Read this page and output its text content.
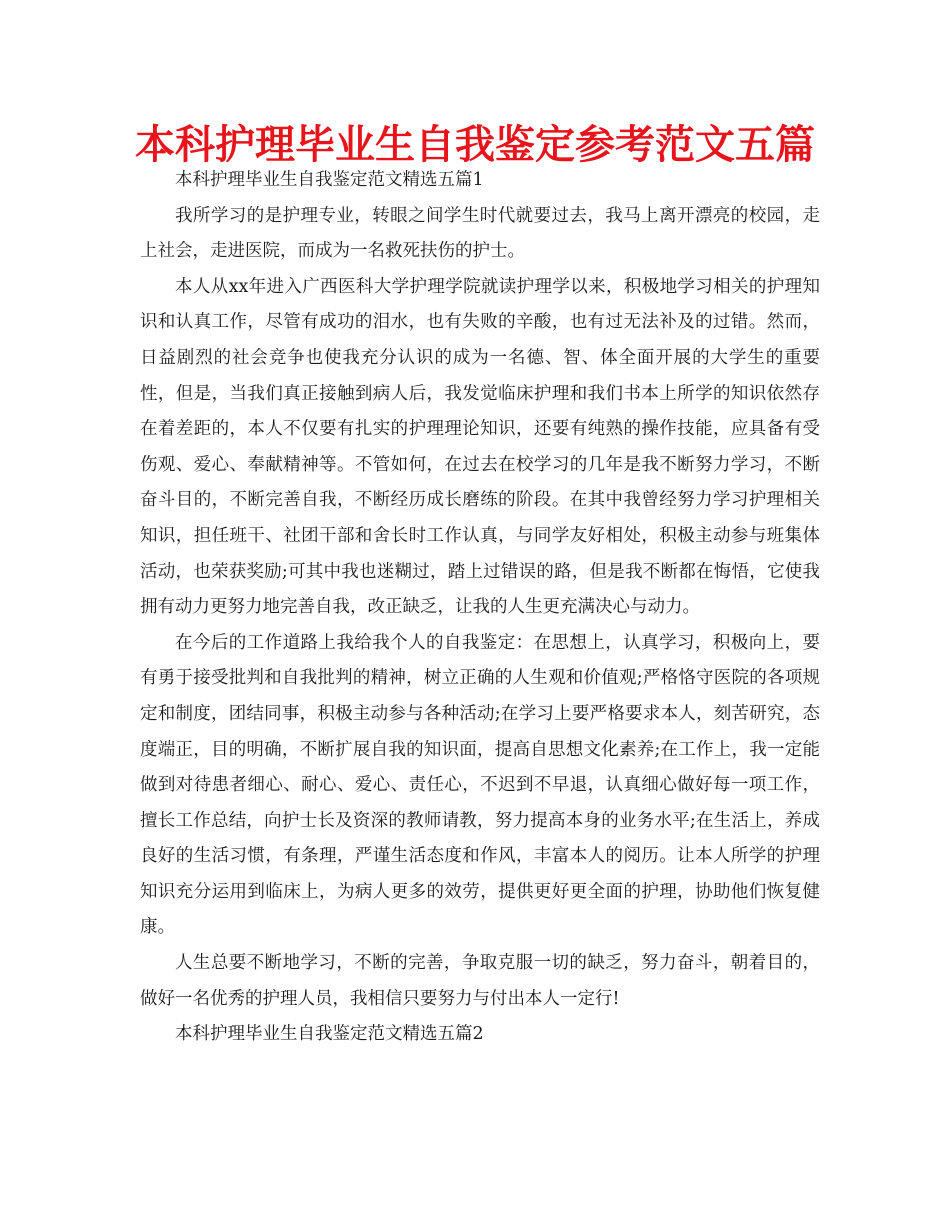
本科护理毕业生自我鉴定参考范文五篇

本科护理毕业生自我鉴定范文精选五篇1

我所学习的是护理专业，转眼之间学生时代就要过去，我马上离开漂亮的校园，走上社会，走进医院，而成为一名救死扶伤的护士。

本人从xx年进入广西医科大学护理学院就读护理学以来，积极地学习相关的护理知识和认真工作，尽管有成功的泪水，也有失败的辛酸，也有过无法补及的过错。然而，日益剧烈的社会竞争也使我充分认识的成为一名德、智、体全面开展的大学生的重要性，但是，当我们真正接触到病人后，我发觉临床护理和我们书本上所学的知识依然存在着差距的，本人不仅要有扎实的护理理论知识，还要有纯熟的操作技能，应具备有受伤观、爱心、奉献精神等。不管如何，在过去在校学习的几年是我不断努力学习，不断奋斗目的，不断完善自我，不断经历成长磨练的阶段。在其中我曾经努力学习护理相关知识，担任班干、社团干部和舍长时工作认真，与同学友好相处，积极主动参与班集体活动，也荣获奖励;可其中我也迷糊过，踏上过错误的路，但是我不断都在悔悟，它使我拥有动力更努力地完善自我，改正缺乏，让我的人生更充满决心与动力。

在今后的工作道路上我给我个人的自我鉴定：在思想上，认真学习，积极向上，要有勇于接受批判和自我批判的精神，树立正确的人生观和价值观;严格恪守医院的各项规定和制度，团结同事，积极主动参与各种活动;在学习上要严格要求本人，刻苦研究，态度端正，目的明确，不断扩展自我的知识面，提高自思想文化素养;在工作上，我一定能做到对待患者细心、耐心、爱心、责任心，不迟到不早退，认真细心做好每一项工作，擅长工作总结，向护士长及资深的教师请教，努力提高本身的业务水平;在生活上，养成良好的生活习惯，有条理，严谨生活态度和作风，丰富本人的阅历。让本人所学的护理知识充分运用到临床上，为病人更多的效劳，提供更好更全面的护理，协助他们恢复健康。

人生总要不断地学习，不断的完善，争取克服一切的缺乏，努力奋斗，朝着目的，做好一名优秀的护理人员，我相信只要努力与付出本人一定行!

本科护理毕业生自我鉴定范文精选五篇2
